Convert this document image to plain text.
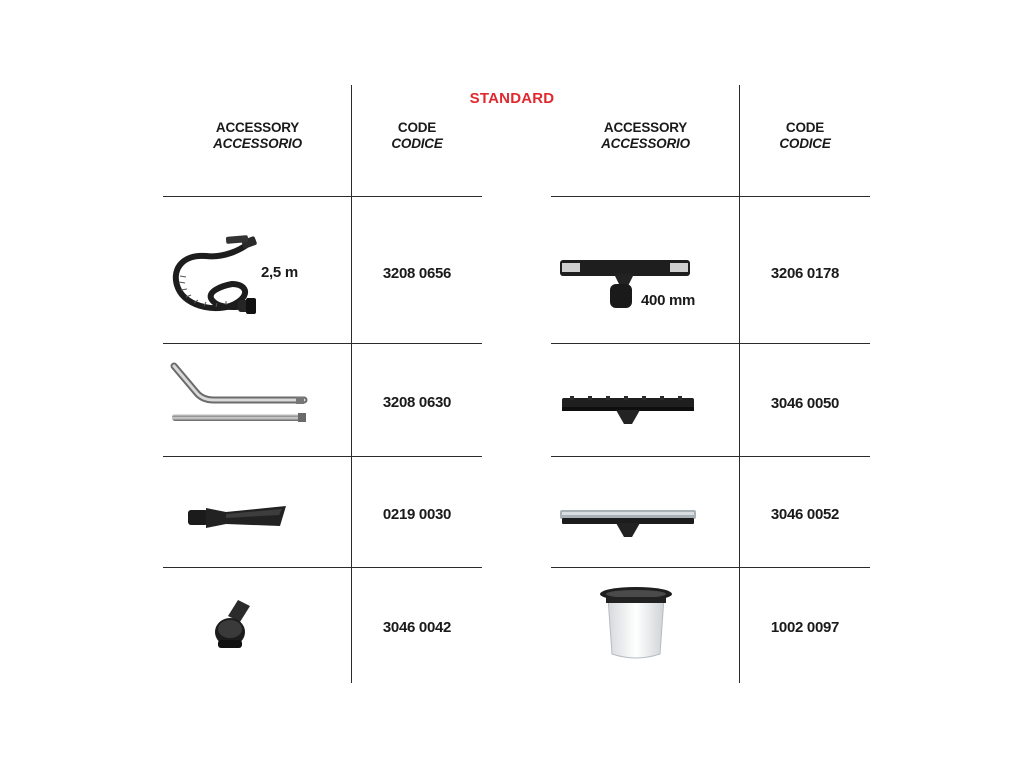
STANDARD
ACCESSORY
ACCESSORIO
CODE
CODICE
ACCESSORY
ACCESSORIO
CODE
CODICE
2,5 m	3208 0656
3208 0630
0219 0030
3046 0042
400 mm
3206 0178
3046 0050
3046 0052
1002 0097
